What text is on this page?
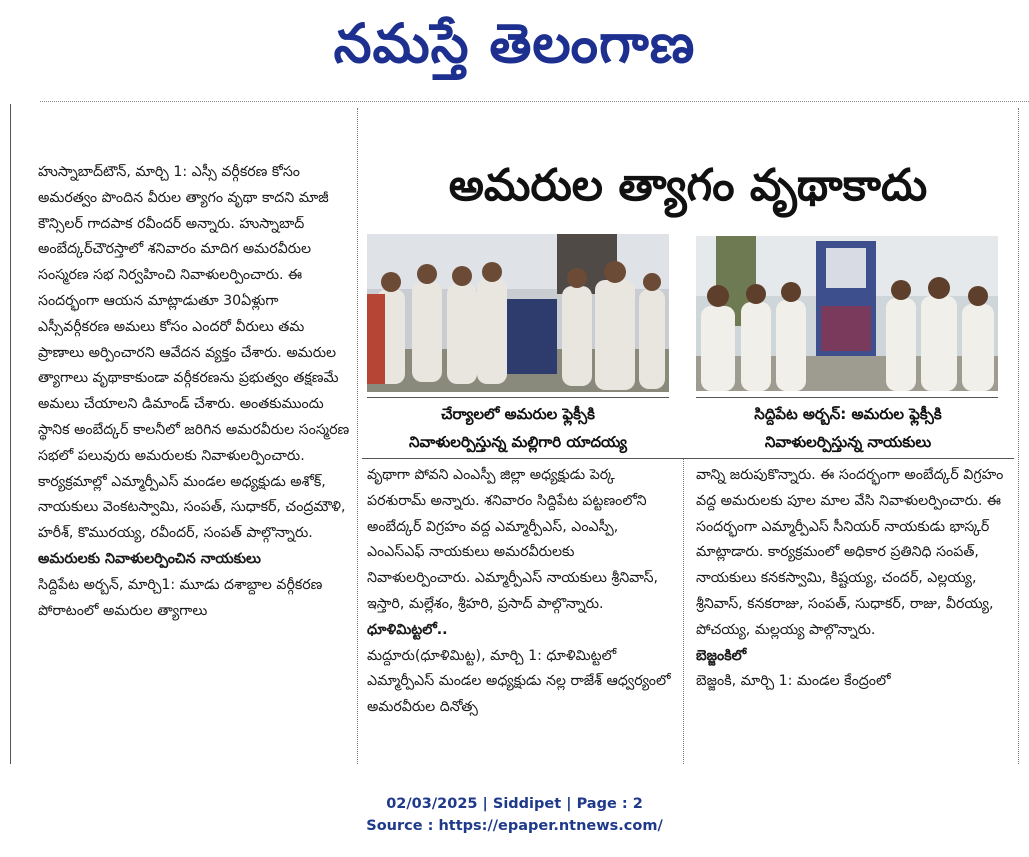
నమస్తే తెలంగాణ

హుస్నాబాద్‌టౌన్, మార్చి 1: ఎస్సీ వర్గీకరణ కోసం అమరత్వం పొందిన వీరుల త్యాగం వృథా కాదని మాజీ కౌన్సిలర్ గాదపాక రవీందర్ అన్నారు. హుస్నాబాద్ అంబేద్కర్‌చౌరస్తాలో శనివారం మాదిగ అమరవీరుల సంస్మరణ సభ నిర్వహించి నివాళులర్పించారు. ఈ సందర్భంగా ఆయన మాట్లాడుతూ 30ఏళ్లుగా ఎస్సీవర్గీకరణ అమలు కోసం ఎందరో వీరులు తమ ప్రాణాలు అర్పించారని ఆవేదన వ్యక్తం చేశారు. అమరుల త్యాగాలు వృథాకాకుండా వర్గీకరణను ప్రభుత్వం తక్షణమే అమలు చేయాలని డిమాండ్ చేశారు. అంతకుముందు స్థానిక అంబేద్కర్ కాలనీలో జరిగిన అమరవీరుల సంస్మరణ సభలో పలువురు అమరులకు నివాళులర్పించారు. కార్యక్రమాల్లో ఎమ్మార్పీఎస్ మండల అధ్యక్షుడు అశోక్, నాయకులు వెంకటస్వామి, సంపత్, సుధాకర్, చంద్రమౌళి, హరీశ్, కొమురయ్య, రవీందర్, సంపత్ పాల్గొన్నారు.

అమరులకు నివాళులర్పించిన నాయకులు

సిద్దిపేట అర్బన్, మార్చి1: మూడు దశాబ్దాల వర్గీకరణ పోరాటంలో అమరుల త్యాగాలు

అమరుల త్యాగం వృథాకాదు
చేర్యాలలో అమరుల ఫ్లెక్సీకి
నివాళులర్పిస్తున్న మల్లిగారి యాదయ్య
సిద్దిపేట అర్బన్: అమరుల ఫ్లెక్సీకి
నివాళులర్పిస్తున్న నాయకులు

వృథాగా పోవని ఎంఎస్పీ జిల్లా అధ్యక్షుడు పెర్క పరశురామ్ అన్నారు. శనివారం సిద్దిపేట పట్టణంలోని అంబేద్కర్ విగ్రహం వద్ద ఎమ్మార్పీఎస్, ఎంఎస్పీ, ఎంఎస్ఎఫ్ నాయకులు అమరవీరులకు నివాళులర్పించారు. ఎమ్మార్పీఎస్ నాయకులు శ్రీనివాస్, ఇస్తారి, మల్లేశం, శ్రీహరి, ప్రసాద్ పాల్గొన్నారు.

ధూళిమిట్టలో..

మద్దూరు(ధూళిమిట్ట), మార్చి 1: ధూళిమిట్టలో ఎమ్మార్పీఎస్ మండల అధ్యక్షుడు నల్ల రాజేశ్ ఆధ్వర్యంలో అమరవీరుల దినోత్స

వాన్ని జరుపుకొన్నారు. ఈ సందర్భంగా అంబేద్కర్ విగ్రహం వద్ద అమరులకు పూల మాల వేసి నివాళులర్పించారు. ఈ సందర్భంగా ఎమ్మార్పీఎస్ సీనియర్ నాయకుడు భాస్కర్ మాట్లాడారు. కార్యక్రమంలో అధికార ప్రతినిధి సంపత్, నాయకులు కనకస్వామి, కిష్టయ్య, చందర్, ఎల్లయ్య, శ్రీనివాస్, కనకరాజు, సంపత్, సుధాకర్, రాజు, వీరయ్య, పోచయ్య, మల్లయ్య పాల్గొన్నారు.

బెజ్జంకిలో

బెజ్జంకి, మార్చి 1: మండల కేంద్రంలో

02/03/2025 | Siddipet | Page : 2
Source : https://epaper.ntnews.com/
